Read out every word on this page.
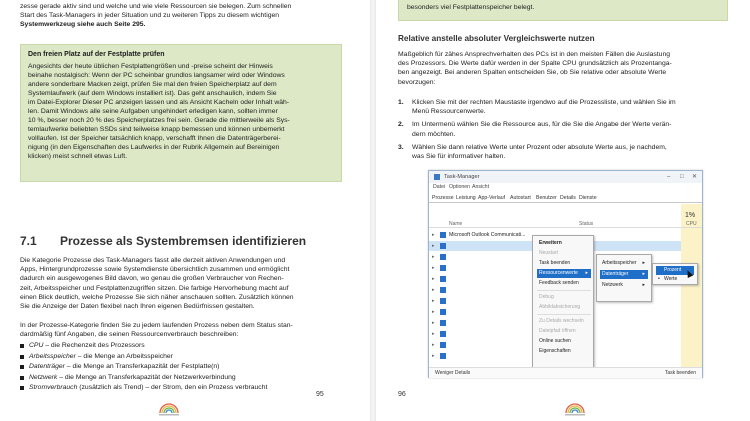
zesse gerade aktiv sind und welche und wie viele Ressourcen sie belegen. Zum schnellen
Start des Task-Managers in jeder Situation und zu weiteren Tipps zu diesem wichtigen
Systemwerkzeug siehe auch Seite 295.
Den freien Platz auf der Festplatte prüfen
Angesichts der heute üblichen Festplattengrößen und -preise scheint der Hinweis
beinahe nostalgisch: Wenn der PC scheinbar grundlos langsamer wird oder Windows
andere sonderbare Macken zeigt, prüfen Sie mal den freien Speicherplatz auf dem
Systemlaufwerk (auf dem Windows installiert ist). Das geht anschaulich, indem Sie
im Datei-Explorer Dieser PC anzeigen lassen und als Ansicht Kacheln oder Inhalt wäh-
len. Damit Windows alle seine Aufgaben ungehindert erledigen kann, sollten immer
10 %, besser noch 20 % des Speicherplatzes frei sein. Gerade die mittlerweile als Sys-
temlaufwerke beliebten SSDs sind teilweise knapp bemessen und können unbemerkt
volllaufen. Ist der Speicher tatsächlich knapp, verschafft Ihnen die Datenträgerberei-
nigung (in den Eigenschaften des Laufwerks in der Rubrik Allgemein auf Bereinigen
klicken) meist schnell etwas Luft.
7.1 Prozesse als Systembremsen identifizieren
Die Kategorie Prozesse des Task-Managers fasst alle derzeit aktiven Anwendungen und
Apps, Hintergrundprozesse sowie Systemdienste übersichtlich zusammen und ermöglicht
dadurch ein ausgewogenes Bild davon, wo genau die großen Verbraucher von Rechen-
zeit, Arbeitsspeicher und Festplattenzugriffen sitzen. Die farbige Hervorhebung macht auf
einen Blick deutlich, welche Prozesse Sie sich näher anschauen sollten. Zusätzlich können
Sie die Anzeige der Daten flexibel nach Ihren eigenen Bedürfnissen gestalten.
In der Prozesse-Kategorie finden Sie zu jedem laufenden Prozess neben dem Status stan-
dardmäßig fünf Angaben, die seinen Ressourcenverbrauch beschreiben:
CPU – die Rechenzeit des Prozessors
Arbeitsspeicher – die Menge an Arbeitsspeicher
Datenträger – die Menge an Transferkapazität der Festplatte(n)
Netzwerk – die Menge an Transferkapazität der Netzwerkverbindung
Stromverbrauch (zusätzlich als Trend) – der Strom, den ein Prozess verbraucht
95
besonders viel Festplattenspeicher belegt.
Relative anstelle absoluter Vergleichswerte nutzen
Maßgeblich für zähes Ansprechverhalten des PCs ist in den meisten Fällen die Auslastung
des Prozessors. Die Werte dafür werden in der Spalte CPU grundsätzlich als Prozentanga-
ben angezeigt. Bei anderen Spalten entscheiden Sie, ob Sie relative oder absolute Werte
bevorzugen:
1. Klicken Sie mit der rechten Maustaste irgendwo auf die Prozessliste, und wählen Sie im
Menü Ressourcenwerte.
2. Im Untermenü wählen Sie die Ressource aus, für die Sie die Angabe der Werte verän-
dern möchten.
3. Wählen Sie dann relative Werte unter Prozent oder absolute Werte aus, je nachdem,
was Sie für informativer halten.
Task-Manager	– □ ✕
Datei Optionen Ansicht
Prozesse Leistung App-Verlauf Autostart Benutzer Details Dienste
Name	Status	CPU
1%
▸	Microsoft Outlook Communicati...
▸
▸
▸
▸
▸
▸
▸
▸
▸
▸
▸
Erweitern
Neustart
Task beenden
Ressourcenwerte ▸
Feedback senden
Debug
Abbildabsicherung
Zu Details wechseln
Dateipfad öffnen
Online suchen
Eigenschaften
Arbeitsspeicher ▸
Datenträger	▸
Netzwerk	▸
Prozent
• Werte
Weniger Details	Task beenden
96
